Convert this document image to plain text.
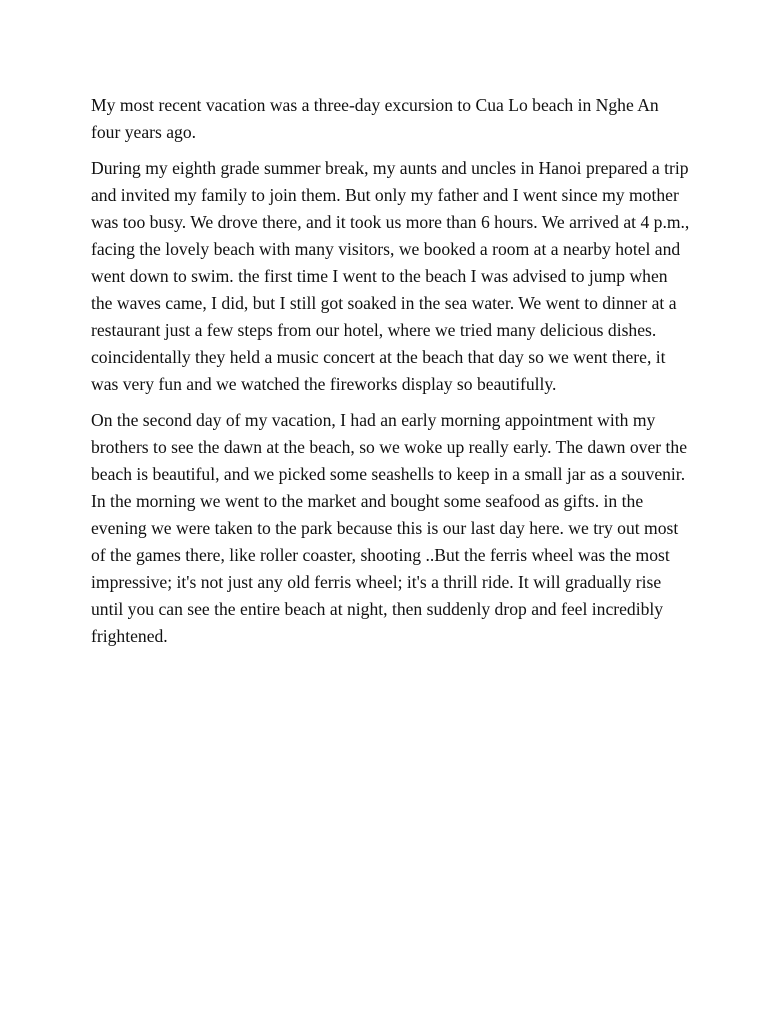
My most recent vacation was a three-day excursion to Cua Lo beach in Nghe An four years ago.

During my eighth grade summer break, my aunts and uncles in Hanoi prepared a trip and invited my family to join them. But only my father and I went since my mother was too busy. We drove there, and it took us more than 6 hours. We arrived at 4 p.m., facing the lovely beach with many visitors, we booked a room at a nearby hotel and went down to swim. the first time I went to the beach I was advised to jump when the waves came, I did, but I still got soaked in the sea water. We went to dinner at a restaurant just a few steps from our hotel, where we tried many delicious dishes. coincidentally they held a music concert at the beach that day so we went there, it was very fun and we watched the fireworks display so beautifully.

On the second day of my vacation, I had an early morning appointment with my brothers to see the dawn at the beach, so we woke up really early. The dawn over the beach is beautiful, and we picked some seashells to keep in a small jar as a souvenir. In the morning we went to the market and bought some seafood as gifts. in the evening we were taken to the park because this is our last day here. we try out most of the games there, like roller coaster, shooting ..But the ferris wheel was the most impressive; it's not just any old ferris wheel; it's a thrill ride. It will gradually rise until you can see the entire beach at night, then suddenly drop and feel incredibly frightened.
